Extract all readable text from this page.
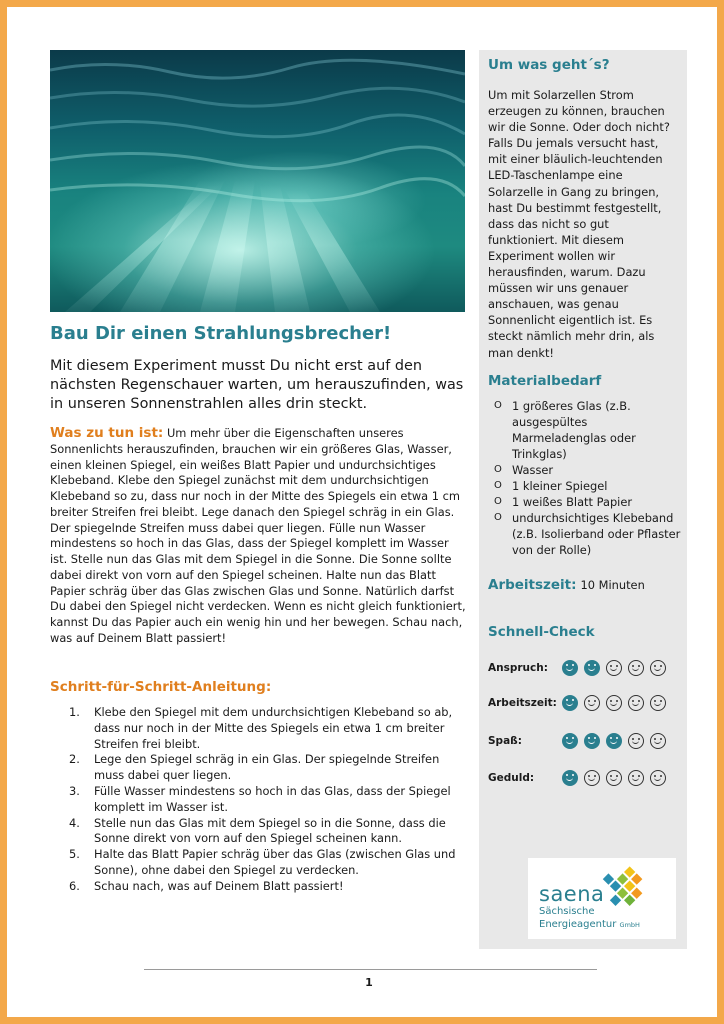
Bau Dir einen Strahlungsbrecher!

Mit diesem Experiment musst Du nicht erst auf den nächsten Regenschauer warten, um herauszufinden, was in unseren Sonnenstrahlen alles drin steckt.

Was zu tun ist: Um mehr über die Eigenschaften unseres Sonnenlichts herauszufinden, brauchen wir ein größeres Glas, Wasser, einen kleinen Spiegel, ein weißes Blatt Papier und undurchsichtiges Klebeband. Klebe den Spiegel zunächst mit dem undurchsichtigen Klebeband so zu, dass nur noch in der Mitte des Spiegels ein etwa 1 cm breiter Streifen frei bleibt. Lege danach den Spiegel schräg in ein Glas. Der spiegelnde Streifen muss dabei quer liegen. Fülle nun Wasser mindestens so hoch in das Glas, dass der Spiegel komplett im Wasser ist. Stelle nun das Glas mit dem Spiegel in die Sonne. Die Sonne sollte dabei direkt von vorn auf den Spiegel scheinen. Halte nun das Blatt Papier schräg über das Glas zwischen Glas und Sonne. Natürlich darfst Du dabei den Spiegel nicht verdecken. Wenn es nicht gleich funktioniert, kannst Du das Papier auch ein wenig hin und her bewegen. Schau nach, was auf Deinem Blatt passiert!

Schritt-für-Schritt-Anleitung:
1.	Klebe den Spiegel mit dem undurchsichtigen Klebeband so ab, dass nur noch in der Mitte des Spiegels ein etwa 1 cm breiter Streifen frei bleibt.
2.	Lege den Spiegel schräg in ein Glas. Der spiegelnde Streifen muss dabei quer liegen.
3.	Fülle Wasser mindestens so hoch in das Glas, dass der Spiegel komplett im Wasser ist.
4.	Stelle nun das Glas mit dem Spiegel so in die Sonne, dass die Sonne direkt von vorn auf den Spiegel scheinen kann.
5.	Halte das Blatt Papier schräg über das Glas (zwischen Glas und Sonne), ohne dabei den Spiegel zu verdecken.
6.	Schau nach, was auf Deinem Blatt passiert!
Um was geht´s?

Um mit Solarzellen Strom erzeugen zu können, brauchen wir die Sonne. Oder doch nicht? Falls Du jemals versucht hast, mit einer bläulich-leuchtenden LED-Taschenlampe eine Solarzelle in Gang zu bringen, hast Du bestimmt festgestellt, dass das nicht so gut funktioniert. Mit diesem Experiment wollen wir herausfinden, warum. Dazu müssen wir uns genauer anschauen, was genau Sonnenlicht eigentlich ist. Es steckt nämlich mehr drin, als man denkt!

Materialbedarf
O 1 größeres Glas (z.B. ausgespültes Marmeladenglas oder Trinkglas)
O Wasser
O 1 kleiner Spiegel
O 1 weißes Blatt Papier
O undurchsichtiges Klebeband (z.B. Isolierband oder Pflaster von der Rolle)
Arbeitszeit: 10 Minuten
Schnell-Check
Anspruch:
Arbeitszeit:
Spaß:
Geduld:
saena
Sächsische
Energieagentur GmbH
1
